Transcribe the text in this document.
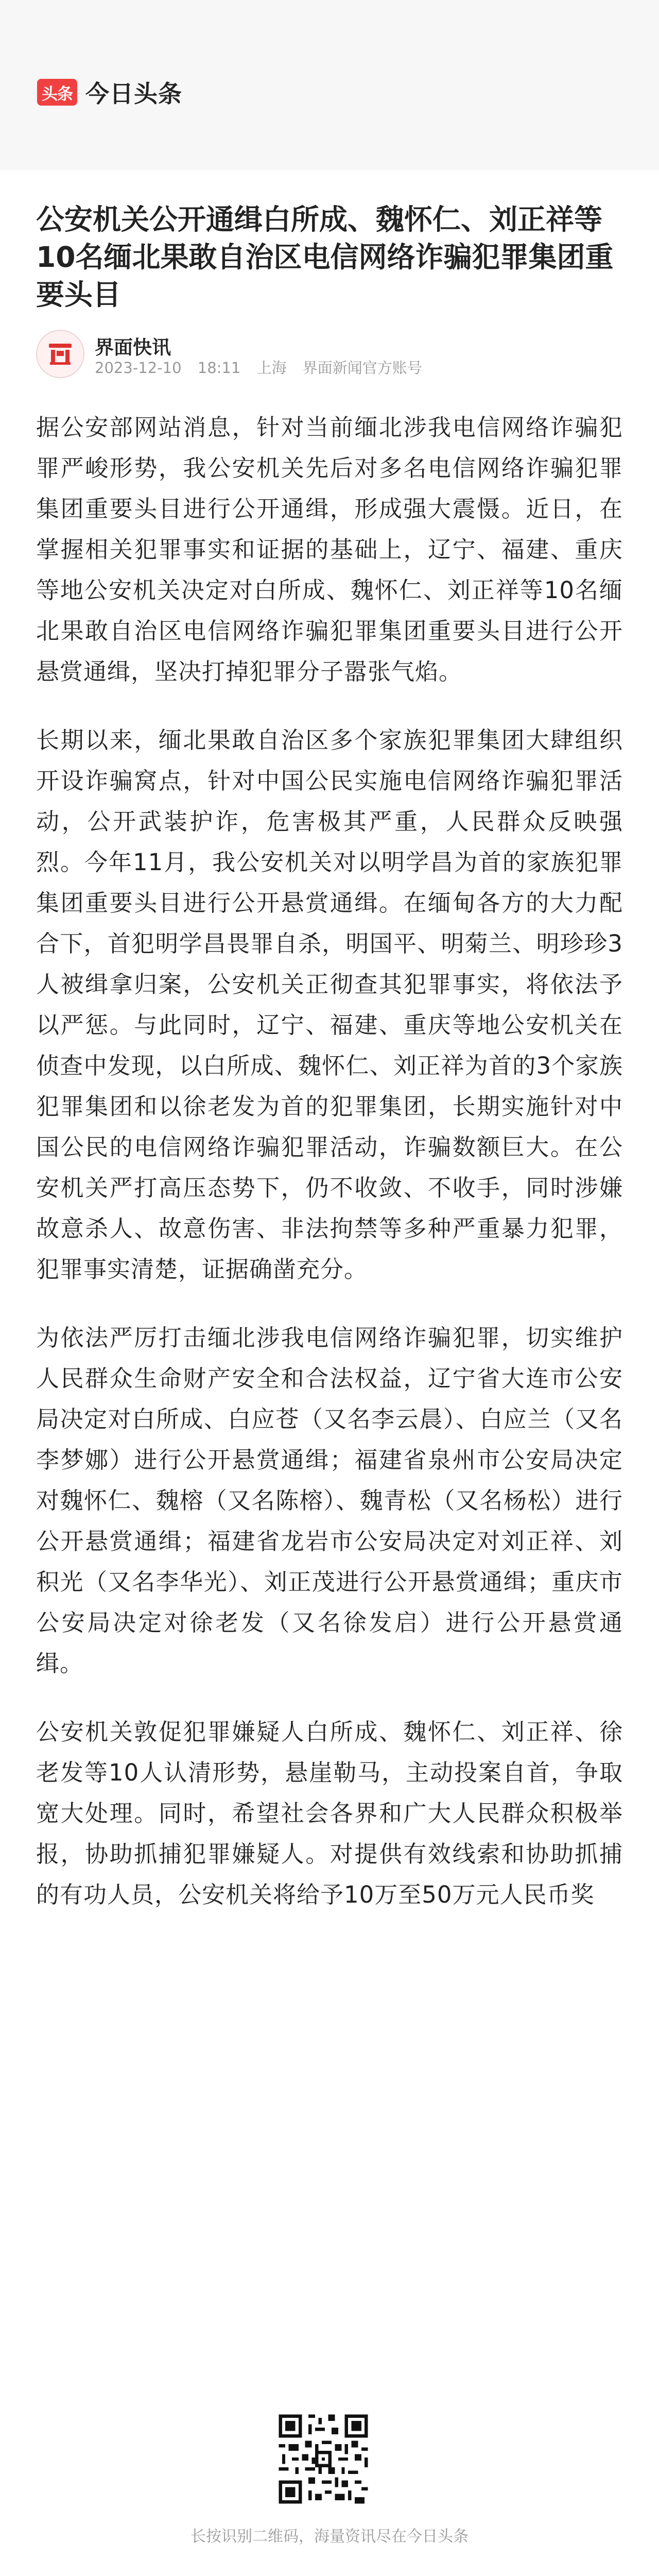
头条 今日头条
公安机关公开通缉白所成、魏怀仁、刘正祥等10名缅北果敢自治区电信网络诈骗犯罪集团重要头目
界面快讯
2023-12-10 18:11 上海 界面新闻官方账号

据公安部网站消息，针对当前缅北涉我电信网络诈骗犯罪严峻形势，我公安机关先后对多名电信网络诈骗犯罪集团重要头目进行公开通缉，形成强大震慑。近日，在掌握相关犯罪事实和证据的基础上，辽宁、福建、重庆等地公安机关决定对白所成、魏怀仁、刘正祥等10名缅北果敢自治区电信网络诈骗犯罪集团重要头目进行公开悬赏通缉，坚决打掉犯罪分子嚣张气焰。

长期以来，缅北果敢自治区多个家族犯罪集团大肆组织开设诈骗窝点，针对中国公民实施电信网络诈骗犯罪活动，公开武装护诈，危害极其严重，人民群众反映强烈。今年11月，我公安机关对以明学昌为首的家族犯罪集团重要头目进行公开悬赏通缉。在缅甸各方的大力配合下，首犯明学昌畏罪自杀，明国平、明菊兰、明珍珍3人被缉拿归案，公安机关正彻查其犯罪事实，将依法予以严惩。与此同时，辽宁、福建、重庆等地公安机关在侦查中发现，以白所成、魏怀仁、刘正祥为首的3个家族犯罪集团和以徐老发为首的犯罪集团，长期实施针对中国公民的电信网络诈骗犯罪活动，诈骗数额巨大。在公安机关严打高压态势下，仍不收敛、不收手，同时涉嫌故意杀人、故意伤害、非法拘禁等多种严重暴力犯罪，犯罪事实清楚，证据确凿充分。

为依法严厉打击缅北涉我电信网络诈骗犯罪，切实维护人民群众生命财产安全和合法权益，辽宁省大连市公安局决定对白所成、白应苍（又名李云晨）、白应兰（又名李梦娜）进行公开悬赏通缉；福建省泉州市公安局决定对魏怀仁、魏榕（又名陈榕）、魏青松（又名杨松）进行公开悬赏通缉；福建省龙岩市公安局决定对刘正祥、刘积光（又名李华光）、刘正茂进行公开悬赏通缉；重庆市公安局决定对徐老发（又名徐发启）进行公开悬赏通缉。

公安机关敦促犯罪嫌疑人白所成、魏怀仁、刘正祥、徐老发等10人认清形势，悬崖勒马，主动投案自首，争取宽大处理。同时，希望社会各界和广大人民群众积极举报，协助抓捕犯罪嫌疑人。对提供有效线索和协助抓捕的有功人员，公安机关将给予10万至50万元人民币奖

长按识别二维码，海量资讯尽在今日头条
